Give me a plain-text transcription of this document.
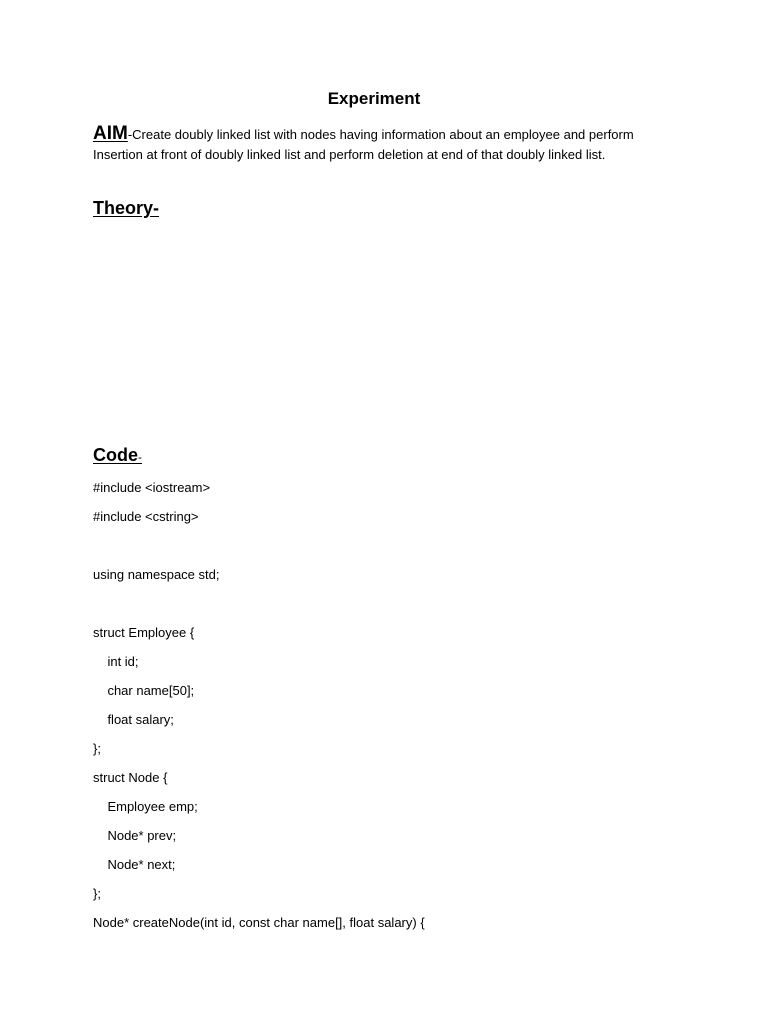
Experiment
AIM-Create doubly linked list with nodes having information about an employee and perform Insertion at front of doubly linked list and perform deletion at end of that doubly linked list.
Theory-
Code-
#include <iostream>
#include <cstring>
using namespace std;
struct Employee {
int id;
char name[50];
float salary;
};
struct Node {
Employee emp;
Node* prev;
Node* next;
};
Node* createNode(int id, const char name[], float salary) {
